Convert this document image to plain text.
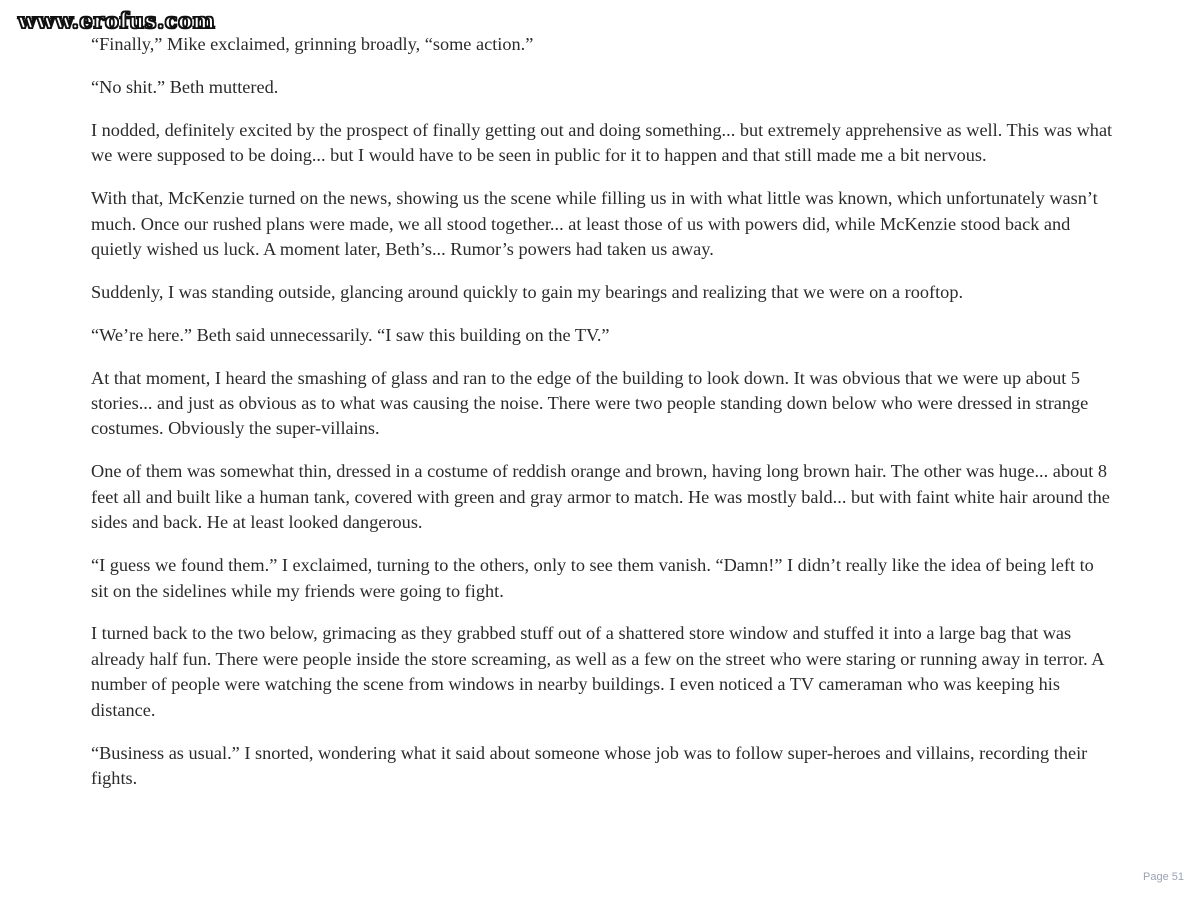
www.erofus.com

“Finally,” Mike exclaimed, grinning broadly, “some action.”

“No shit.” Beth muttered.

I nodded, definitely excited by the prospect of finally getting out and doing something... but extremely apprehensive as well. This was what we were supposed to be doing... but I would have to be seen in public for it to happen and that still made me a bit nervous.

With that, McKenzie turned on the news, showing us the scene while filling us in with what little was known, which unfortunately wasn’t much. Once our rushed plans were made, we all stood together... at least those of us with powers did, while McKenzie stood back and quietly wished us luck. A moment later, Beth’s... Rumor’s powers had taken us away.

Suddenly, I was standing outside, glancing around quickly to gain my bearings and realizing that we were on a rooftop.

“We’re here.” Beth said unnecessarily. “I saw this building on the TV.”

At that moment, I heard the smashing of glass and ran to the edge of the building to look down. It was obvious that we were up about 5 stories... and just as obvious as to what was causing the noise. There were two people standing down below who were dressed in strange costumes. Obviously the super-villains.

One of them was somewhat thin, dressed in a costume of reddish orange and brown, having long brown hair. The other was huge... about 8 feet all and built like a human tank, covered with green and gray armor to match. He was mostly bald... but with faint white hair around the sides and back. He at least looked dangerous.

“I guess we found them.” I exclaimed, turning to the others, only to see them vanish. “Damn!” I didn’t really like the idea of being left to sit on the sidelines while my friends were going to fight.

I turned back to the two below, grimacing as they grabbed stuff out of a shattered store window and stuffed it into a large bag that was already half fun. There were people inside the store screaming, as well as a few on the street who were staring or running away in terror. A number of people were watching the scene from windows in nearby buildings. I even noticed a TV cameraman who was keeping his distance.

“Business as usual.” I snorted, wondering what it said about someone whose job was to follow super-heroes and villains, recording their fights.

Page 51
